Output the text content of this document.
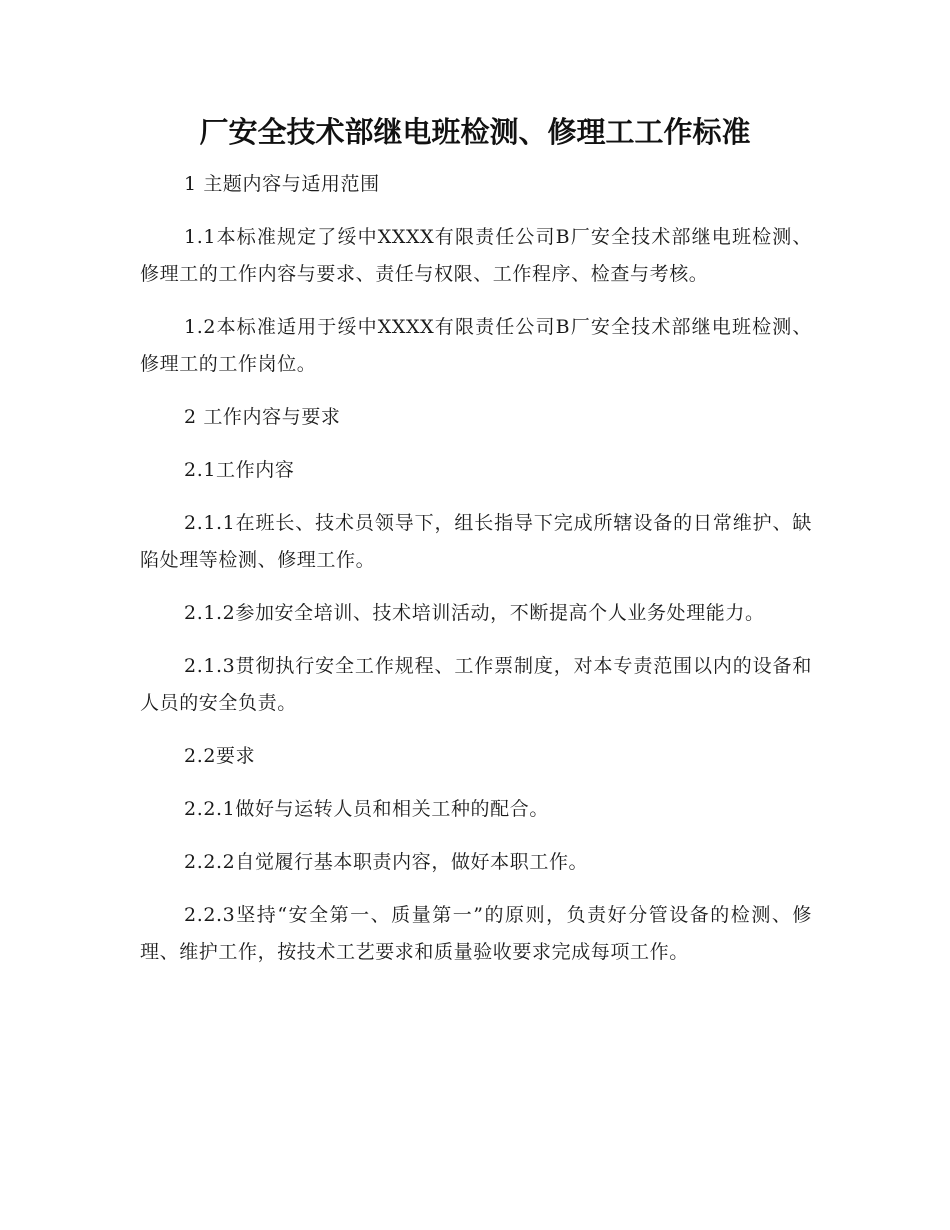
厂安全技术部继电班检测、修理工工作标准

1 主题内容与适用范围

1.1本标准规定了绥中XXXX有限责任公司B厂安全技术部继电班检测、修理工的工作内容与要求、责任与权限、工作程序、检查与考核。

1.2本标准适用于绥中XXXX有限责任公司B厂安全技术部继电班检测、修理工的工作岗位。

2 工作内容与要求

2.1工作内容

2.1.1在班长、技术员领导下，组长指导下完成所辖设备的日常维护、缺陷处理等检测、修理工作。

2.1.2参加安全培训、技术培训活动，不断提高个人业务处理能力。

2.1.3贯彻执行安全工作规程、工作票制度，对本专责范围以内的设备和人员的安全负责。

2.2要求

2.2.1做好与运转人员和相关工种的配合。

2.2.2自觉履行基本职责内容，做好本职工作。

2.2.3坚持“安全第一、质量第一”的原则，负责好分管设备的检测、修理、维护工作，按技术工艺要求和质量验收要求完成每项工作。
